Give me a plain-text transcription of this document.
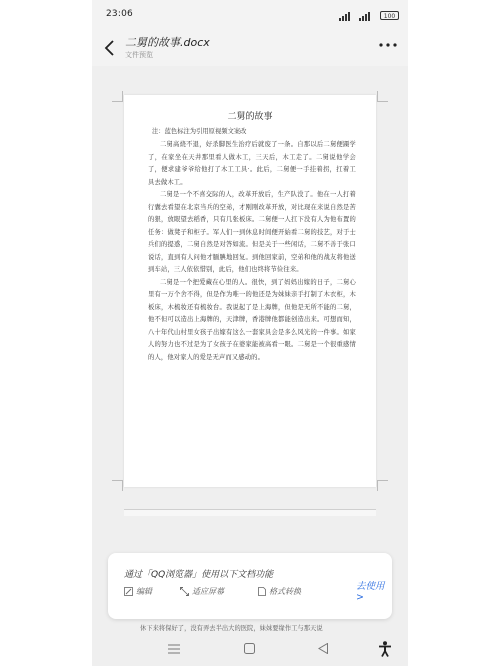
23:06	100
二舅的故事.docx
文件预览
二舅的故事
注：蓝色标注为引用原视频文案改

二舅高烧不退，好杀脚医生治疗后就废了一条。自那以后二舅便蹑学了，在家坐在天井那里看人做木工，三天后，木工走了。二舅说他学会了，便求建爷爷给他打了木工工具·。此后，二舅便一手挂着拐，扛着工具去做木工。

二舅是一个不喜交际的人，改革开放后，生产队没了。他在一人打着行囊去看望在北京当兵的空弟，才刚刚改革开放，对比现在来说自然是苦的狠，放眼望去稻香，只有几张板床。二舅便一人扛下没有人为他布置的任务：做凳子和柜子。军人们一到休息时间便开始看二舅的技艺，对于士兵们的提惑，二舅自然是对答如流。但是关于一些闲话，二舅不善于张口说话，直到有人问他才腼腆地回复。到他回家前，空弟和他的战友将他送到车站，三人依依惜别，此后，他们也终将节俭往来。

二舅是一个把爱藏在心里的人。很快，到了妈妈出嫁的日子，二舅心里有一万个舍不得，但是作为唯一的他还是为妹妹亲手打制了木衣柜，木板床，木梳妆还有梳妆台。我说起了是上海牌，但他是无所不能的二舅，他不但可以造出上海牌的，天津牌，香港牌他都能创造出来。可想而知，八十年代山村里女孩子出嫁有这么一套家具会是多么风光的一件事。如家人的努力也不过是为了女孩子在婆家能被高看一眼。二舅是一个很重感情的人，他对家人的爱是无声而又感动的。

通过「QQ浏览器」使用以下文档功能
编辑	适应屏幕	格式转换	去使用 >
休下来将保好了，没有弄去半出大的医院，妹妹要缘作工与那天说
